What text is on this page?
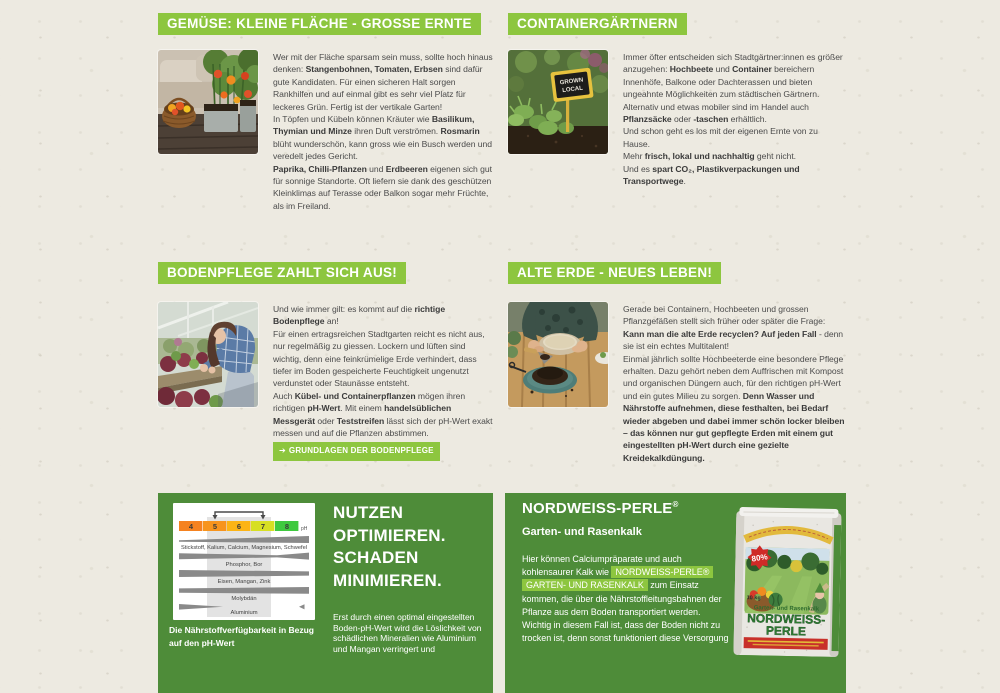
GEMÜSE: KLEINE FLÄCHE - GROSSE ERNTE
Wer mit der Fläche sparsam sein muss, sollte hoch hinaus denken: Stangenbohnen, Tomaten, Erbsen sind dafür gute Kandidaten. Für einen sicheren Halt sorgen Rankhilfen und auf einmal gibt es sehr viel Platz für leckeres Grün. Fertig ist der vertikale Garten!
In Töpfen und Kübeln können Kräuter wie Basilikum, Thymian und Minze ihren Duft verströmen. Rosmarin blüht wunderschön, kann gross wie ein Busch werden und veredelt jedes Gericht.
Paprika, Chilli-Pflanzen und Erdbeeren eigenen sich gut für sonnige Standorte. Oft liefern sie dank des geschützen Kleinklimas auf Terasse oder Balkon sogar mehr Früchte, als im Freiland.
CONTAINERGÄRTNERN
GROWN
LOCAL
Immer öfter entscheiden sich Stadtgärtner:innen es größer anzugehen: Hochbeete und Container bereichern Innenhöfe, Balkone oder Dachterassen und bieten ungeahnte Möglichkeiten zum städtischen Gärtnern. Alternativ und etwas mobiler sind im Handel auch Pflanzsäcke oder -taschen erhältlich.
Und schon geht es los mit der eigenen Ernte von zu Hause.
Mehr frisch, lokal und nachhaltig geht nicht.
Und es spart CO₂, Plastikverpackungen und Transportwege.
BODENPFLEGE ZAHLT SICH AUS!
Und wie immer gilt: es kommt auf die richtige Bodenpflege an!
Für einen ertragsreichen Stadtgarten reicht es nicht aus, nur regelmäßig zu giessen. Lockern und lüften sind wichtig, denn eine feinkrümelige Erde verhindert, dass tiefer im Boden gespeicherte Feuchtigkeit ungenutzt verdunstet oder Staunässe entsteht.
Auch Kübel- und Containerpflanzen mögen ihren richtigen pH-Wert. Mit einem handelsüblichen Messgerät oder Teststreifen lässt sich der pH-Wert exakt messen und auf die Pflanzen abstimmen.
➔ GRUNDLAGEN DER BODENPFLEGE
ALTE ERDE - NEUES LEBEN!
Gerade bei Containern, Hochbeeten und grossen Pflanzgefäßen stellt sich früher oder später die Frage: Kann man die alte Erde recyclen? Auf jeden Fall - denn sie ist ein echtes Multitalent!
Einmal jährlich sollte Hochbeeterde eine besondere Pflege erhalten. Dazu gehört neben dem Auffrischen mit Kompost und organischen Düngern auch, für den richtigen pH-Wert und ein gutes Milieu zu sorgen. Denn Wasser und Nährstoffe aufnehmen, diese festhalten, bei Bedarf wieder abgeben und dabei immer schön locker bleiben – das können nur gut gepflegte Erden mit einem gut eingestellten pH-Wert durch eine gezielte Kreidekalkdüngung.
4	5	6	7	8 pH
Stickstoff, Kalium, Calcium, Magnesium, Schwefel
Phosphor, Bor
Eisen, Mangan, Zink
Molybdän
Aluminium
Die Nährstoffverfügbarkeit in Bezug auf den pH-Wert
NUTZEN OPTIMIEREN. SCHADEN MINIMIEREN.
Erst durch einen optimal eingestellten Boden-pH-Wert wird die Löslichkeit von schädlichen Mineralien wie Aluminium und Mangan verringert und
NORDWEISS-PERLE®
Garten- und Rasenkalk
Hier können Calciumpräparate und auch kohlensaurer Kalk wie NORDWEISS-PERLE® GARTEN- UND RASENKALK zum Einsatz kommen, die über die Nährstoffleitungsbahnen der Pflanze aus dem Boden transportiert werden.
Wichtig in diesem Fall ist, dass der Boden nicht zu trocken ist, denn sonst funktioniert diese Versorgung
80%
10 kg
Garten- und Rasenkalk
NORDWEISS-
PERLE
